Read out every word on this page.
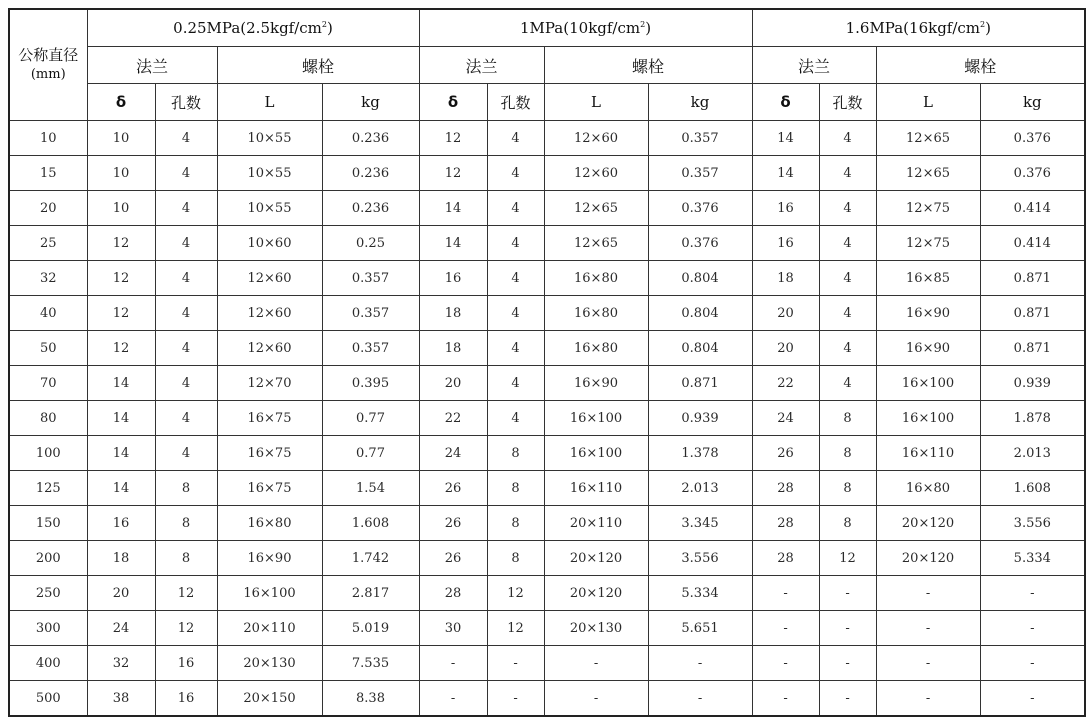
公称直径
(mm)	$0.25MPa(2.5kgf/cm^2)$				$1MPa(10kgf/cm^2)$				$1.6MPa(16kgf/cm^2)$			
	法兰		螺栓		法兰		螺栓		法兰		螺栓	
	δ	孔数	L	kg	δ	孔数	L	kg	δ	孔数	L	kg
10	10	4	10×55	0.236	12	4	12×60	0.357	14	4	12×65	0.376
15	10	4	10×55	0.236	12	4	12×60	0.357	14	4	12×65	0.376
20	10	4	10×55	0.236	14	4	12×65	0.376	16	4	12×75	0.414
25	12	4	10×60	0.25	14	4	12×65	0.376	16	4	12×75	0.414
32	12	4	12×60	0.357	16	4	16×80	0.804	18	4	16×85	0.871
40	12	4	12×60	0.357	18	4	16×80	0.804	20	4	16×90	0.871
50	12	4	12×60	0.357	18	4	16×80	0.804	20	4	16×90	0.871
70	14	4	12×70	0.395	20	4	16×90	0.871	22	4	16×100	0.939
80	14	4	16×75	0.77	22	4	16×100	0.939	24	8	16×100	1.878
100	14	4	16×75	0.77	24	8	16×100	1.378	26	8	16×110	2.013
125	14	8	16×75	1.54	26	8	16×110	2.013	28	8	16×80	1.608
150	16	8	16×80	1.608	26	8	20×110	3.345	28	8	20×120	3.556
200	18	8	16×90	1.742	26	8	20×120	3.556	28	12	20×120	5.334
250	20	12	16×100	2.817	28	12	20×120	5.334	-	-	-	-
300	24	12	20×110	5.019	30	12	20×130	5.651	-	-	-	-
400	32	16	20×130	7.535	-	-	-	-	-	-	-	-
500	38	16	20×150	8.38	-	-	-	-	-	-	-	-
